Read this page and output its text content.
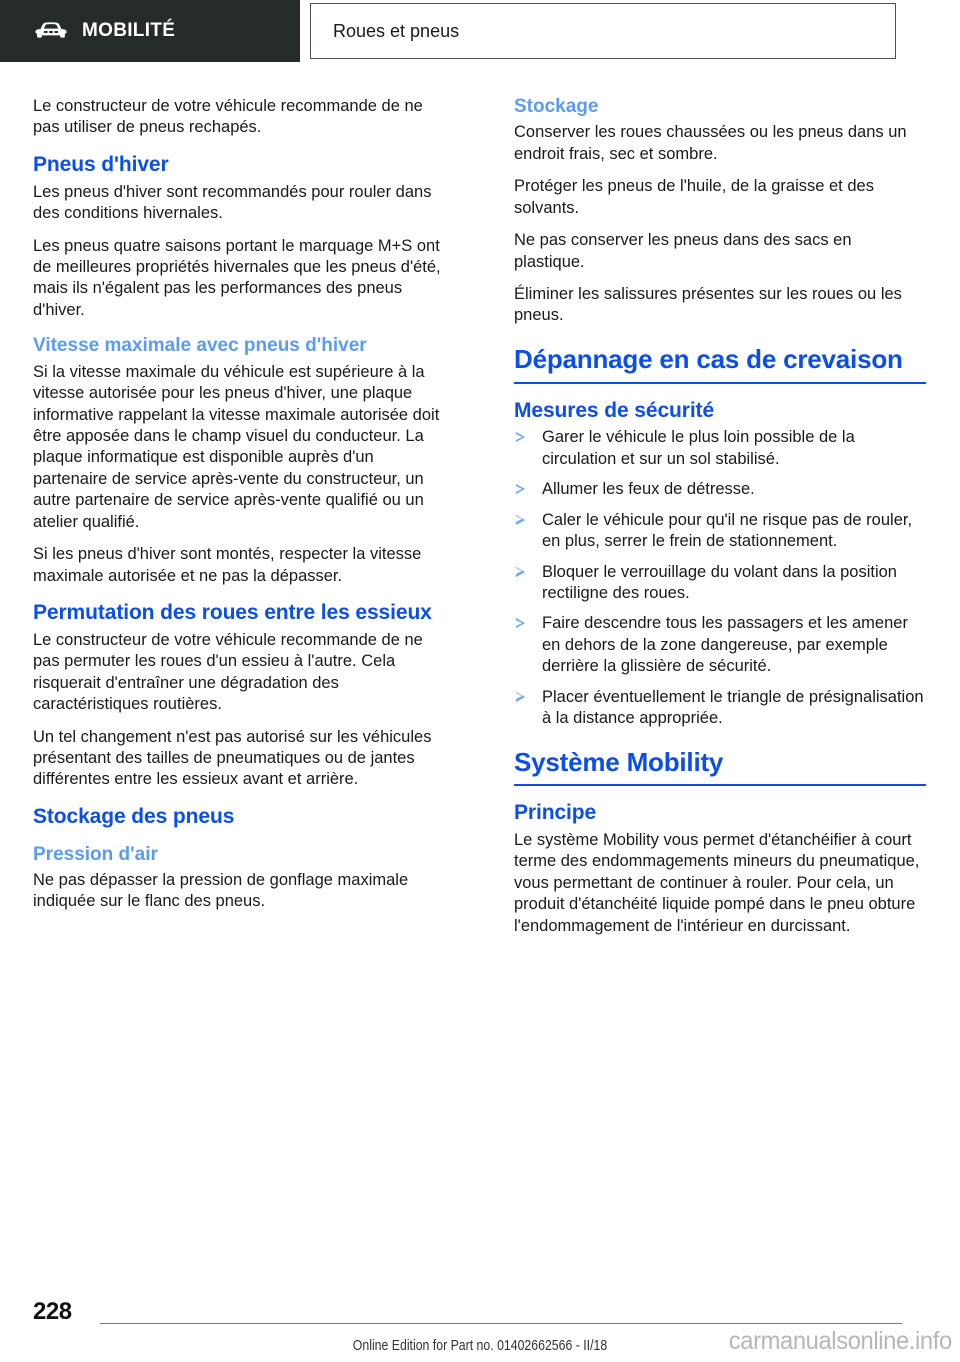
MOBILITÉ	Roues et pneus

Le constructeur de votre véhicule recommande de ne pas utiliser de pneus rechapés.

Pneus d'hiver

Les pneus d'hiver sont recommandés pour rouler dans des conditions hivernales.

Les pneus quatre saisons portant le marquage M+S ont de meilleures propriétés hivernales que les pneus d'été, mais ils n'égalent pas les performances des pneus d'hiver.

Vitesse maximale avec pneus d'hiver

Si la vitesse maximale du véhicule est supérieure à la vitesse autorisée pour les pneus d'hiver, une plaque informative rappelant la vitesse maximale autorisée doit être apposée dans le champ visuel du conducteur. La plaque informatique est disponible auprès d'un partenaire de service après-vente du constructeur, un autre partenaire de service après-vente qualifié ou un atelier qualifié.

Si les pneus d'hiver sont montés, respecter la vitesse maximale autorisée et ne pas la dépasser.

Permutation des roues entre les essieux

Le constructeur de votre véhicule recommande de ne pas permuter les roues d'un essieu à l'autre. Cela risquerait d'entraîner une dégradation des caractéristiques routières.

Un tel changement n'est pas autorisé sur les véhicules présentant des tailles de pneumatiques ou de jantes différentes entre les essieux avant et arrière.

Stockage des pneus
Pression d'air

Ne pas dépasser la pression de gonflage maximale indiquée sur le flanc des pneus.

Stockage

Conserver les roues chaussées ou les pneus dans un endroit frais, sec et sombre.

Protéger les pneus de l'huile, de la graisse et des solvants.

Ne pas conserver les pneus dans des sacs en plastique.

Éliminer les salissures présentes sur les roues ou les pneus.

Dépannage en cas de crevaison
Mesures de sécurité
Garer le véhicule le plus loin possible de la circulation et sur un sol stabilisé.
Allumer les feux de détresse.
Caler le véhicule pour qu'il ne risque pas de rouler, en plus, serrer le frein de stationnement.
Bloquer le verrouillage du volant dans la position rectiligne des roues.
Faire descendre tous les passagers et les amener en dehors de la zone dangereuse, par exemple derrière la glissière de sécurité.
Placer éventuellement le triangle de présignalisation à la distance appropriée.
Système Mobility
Principe

Le système Mobility vous permet d'étanchéifier à court terme des endommagements mineurs du pneumatique, vous permettant de continuer à rouler. Pour cela, un produit d'étanchéité liquide pompé dans le pneu obture l'endommagement de l'intérieur en durcissant.

228
Online Edition for Part no. 01402662566 - II/18	carmanualsonline.info
